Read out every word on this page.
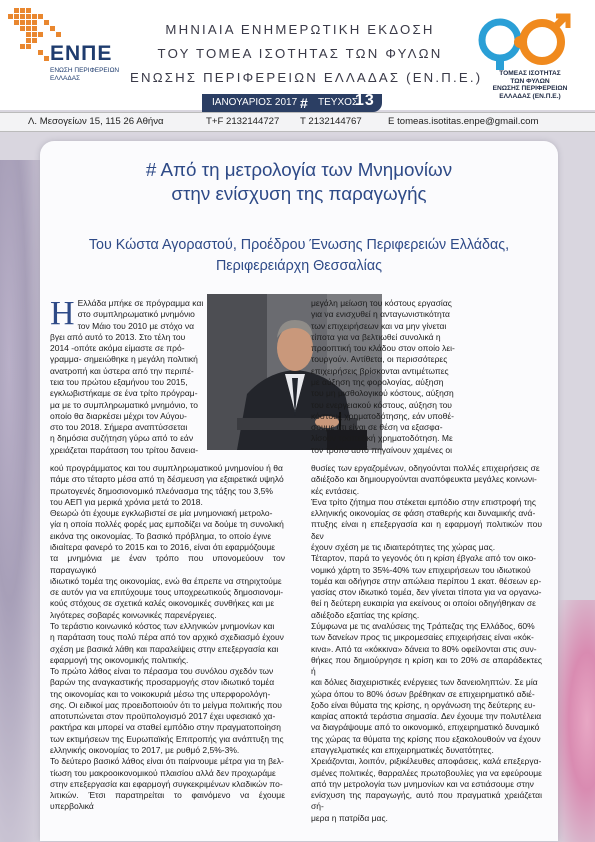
ΕΝΠΕ
ΕΝΩΣΗ ΠΕΡΙΦΕΡΕΙΩΝ ΕΛΛΑΔΑΣ
ΜΗΝΙΑΙΑ ΕΝΗΜΕΡΩΤΙΚΗ ΕΚΔΟΣΗ
ΤΟΥ ΤΟΜΕΑ ΙΣΟΤΗΤΑΣ ΤΩΝ ΦΥΛΩΝ
ΕΝΩΣΗΣ ΠΕΡΙΦΕΡΕΙΩΝ ΕΛΛΑΔΑΣ (ΕΝ.Π.Ε.)	ΤΟΜΕΑΣ ΙΣΟΤΗΤΑΣ
ΤΩΝ ΦΥΛΩΝ
ΕΝΩΣΗΣ ΠΕΡΙΦΕΡΕΙΩΝ
ΕΛΛΑΔΑΣ (ΕΝ.Π.Ε.)
ΙΑΝΟΥΑΡΙΟΣ 2017 # ΤΕΥΧΟΣ
13
Λ. Μεσογείων 15, 115 26 Αθήνα	T+F 2132144727 T 2132144767	E tomeas.isotitas.enpe@gmail.com
# Από τη μετρολογία των Μνημονίων
στην ενίσχυση της παραγωγής
Του Κώστα Αγοραστού, Προέδρου Ένωσης Περιφερειών Ελλάδας,
Περιφερειάρχη Θεσσαλίας
Η Ελλάδα μπήκε σε πρόγραμμα και
στο συμπληρωματικό μνημόνιο
τον Μάιο του 2010 με στόχο να
βγει από αυτό το 2013. Στο τέλη του
2014 -οπότε ακόμα είμαστε σε πρό-
γραμμα- σημειώθηκε η μεγάλη πολιτική
ανατροπή και ύστερα από την περιπέ-
τεια του πρώτου εξαμήνου του 2015,
εγκλωβιστήκαμε σε ένα τρίτο πρόγραμ-
μα με το συμπληρωματικό μνημόνιο, το
οποίο θα διαρκέσει μέχρι τον Αύγου-
στο του 2018. Σήμερα αναπτύσσεται
η δημόσια συζήτηση γύρω από το εάν
χρειάζεται παράταση του τρίτου δανεια-
μεγάλη μείωση του κόστους εργασίας
για να ενισχυθεί η ανταγωνιστικότητα
των επιχειρήσεων και να μην γίνεται
τίποτα για να βελτιωθεί συνολικά η
προοπτική του κλάδου στον οποίο λει-
τουργούν. Αντίθετα, οι περισσότερες
επιχειρήσεις βρίσκονται αντιμέτωπες
με αύξηση της φορολογίας, αύξηση
του μη μισθολογικού κόστους, αύξηση
του ενεργειακού κόστους, αύξηση του
κόστους χρηματοδότησης, εάν υποθέ-
σουμε ότι είναι σε θέση να εξασφα-
λίσουν τραπεζική χρηματοδότηση. Με
τον τρόπο αυτό πηγαίνουν χαμένες οι
κού προγράμματος και του συμπληρωματικού μνημονίου ή θα
πάμε στο τέταρτο μέσα από τη δέσμευση για εξαιρετικά υψηλό
πρωτογενές δημοσιονομικό πλεόνασμα της τάξης του 3,5%
του ΑΕΠ για μερικά χρόνια μετά το 2018.
Θεωρώ ότι έχουμε εγκλωβιστεί σε μία μνημονιακή μετρολο-
γία η οποία πολλές φορές μας εμποδίζει να δούμε τη συνολική
εικόνα της οικονομίας. Το βασικό πρόβλημα, το οποίο έγινε
ιδιαίτερα φανερό το 2015 και το 2016, είναι ότι εφαρμόζουμε
τα μνημόνια με έναν τρόπο που υπονομεύουν τον παραγωγικό
ιδιωτικό τομέα της οικονομίας, ενώ θα έπρεπε να στηριχτούμε
σε αυτόν για να επιτύχουμε τους υποχρεωτικούς δημοσιονομι-
κούς στόχους σε σχετικά καλές οικονομικές συνθήκες και με
λιγότερες σοβαρές κοινωνικές παρενέργειες.
Το τεράστιο κοινωνικό κόστος των ελληνικών μνημονίων και
η παράταση τους πολύ πέρα από τον αρχικό σχεδιασμό έχουν
σχέση με βασικά λάθη και παραλείψεις στην επεξεργασία και
εφαρμογή της οικονομικής πολιτικής.
Το πρώτο λάθος είναι το πέρασμα του συνόλου σχεδόν των
βαρών της αναγκαστικής προσαρμογής στον ιδιωτικό τομέα
της οικονομίας και το νοικοκυριά μέσω της υπερφορολόγη-
σης. Οι ειδικοί μας προειδοποιούν ότι το μείγμα πολιτικής που
αποτυπώνεται στον προϋπολογισμό 2017 έχει υφεσιακό χα-
ρακτήρα και μπορεί να σταθεί εμπόδιο στην πραγματοποίηση
των εκτιμήσεων της Ευρωπαϊκής Επιτροπής για ανάπτυξη της
ελληνικής οικονομίας το 2017, με ρυθμό 2,5%-3%.
Το δεύτερο βασικό λάθος είναι ότι παίρνουμε μέτρα για τη βελ-
τίωση του μακροοικονομικού πλαισίου αλλά δεν προχωράμε
στην επεξεργασία και εφαρμογή συγκεκριμένων κλαδικών πο-
λιτικών. Έτσι παρατηρείται το φαινόμενο να έχουμε υπερβολικά
θυσίες των εργαζομένων, οδηγούνται πολλές επιχειρήσεις σε
αδιέξοδο και δημιουργούνται αναπόφευκτα μεγάλες κοινωνι-
κές εντάσεις.
Ένα τρίτο ζήτημα που στέκεται εμπόδιο στην επιστροφή της
ελληνικής οικονομίας σε φάση σταθερής και δυναμικής ανά-
πτυξης είναι η επεξεργασία και η εφαρμογή πολιτικών που δεν
έχουν σχέση με τις ιδιαιτερότητες της χώρας μας.
Τέταρτον, παρά το γεγονός ότι η κρίση έβγαλε από τον οικο-
νομικό χάρτη το 35%-40% των επιχειρήσεων του ιδιωτικού
τομέα και οδήγησε στην απώλεια περίπου 1 εκατ. θέσεων ερ-
γασίας στον ιδιωτικό τομέα, δεν γίνεται τίποτα για να οργανω-
θεί η δεύτερη ευκαιρία για εκείνους οι οποίοι οδηγήθηκαν σε
αδιέξοδο εξαιτίας της κρίσης.
Σύμφωνα με τις αναλύσεις της Τράπεζας της Ελλάδος, 60%
των δανείων προς τις μικρομεσαίες επιχειρήσεις είναι «κόκ-
κινα». Από τα «κόκκινα» δάνεια το 80% οφείλονται στις συν-
θήκες που δημιούργησε η κρίση και το 20% σε απαράδεκτες ή
και δόλιες διαχειριστικές ενέργειες των δανειοληπτών. Σε μία
χώρα όπου το 80% όσων βρέθηκαν σε επιχειρηματικό αδιέ-
ξοδο είναι θύματα της κρίσης, η οργάνωση της δεύτερης ευ-
καιρίας αποκτά τεράστια σημασία. Δεν έχουμε την πολυτέλεια
να διαγράψουμε από το οικονομικό, επιχειρηματικό δυναμικό
της χώρας τα θύματα της κρίσης που εξακολουθούν να έχουν
επαγγελματικές και επιχειρηματικές δυνατότητες.
Χρειάζονται, λοιπόν, ριξικέλευθες αποφάσεις, καλά επεξεργα-
σμένες πολιτικές, θαρραλέες πρωτοβουλίες για να εφεύρουμε
από την μετρολογία των μνημονίων και να εστιάσουμε στην
ενίσχυση της παραγωγής, αυτό που πραγματικά χρειάζεται σή-
μερα η πατρίδα μας.
